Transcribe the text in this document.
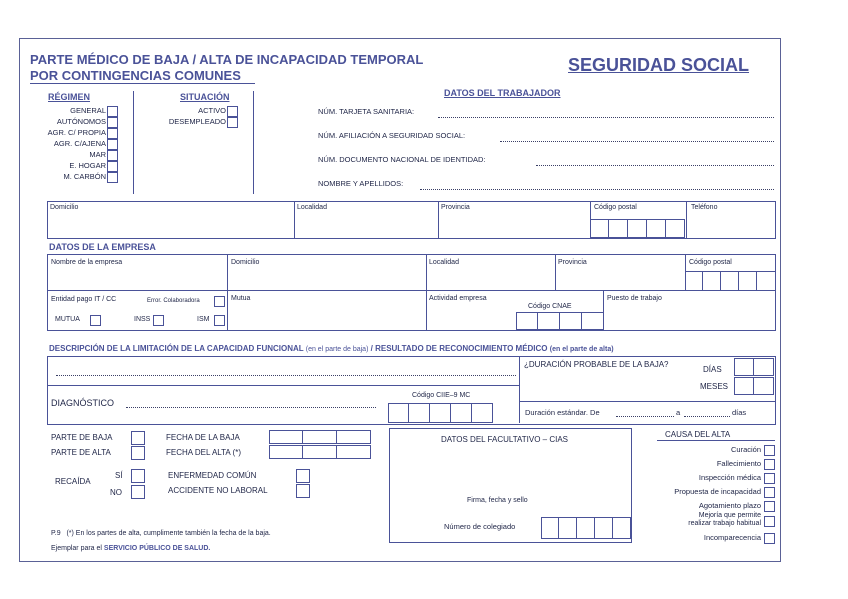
PARTE MÉDICO DE BAJA / ALTA DE INCAPACIDAD TEMPORAL
POR CONTINGENCIAS COMUNES
SEGURIDAD SOCIAL
RÉGIMEN
GENERAL
AUTÓNOMOS
AGR. C/ PROPIA
AGR. C/AJENA
MAR
E. HOGAR
M. CARBÓN
SITUACIÓN
ACTIVO
DESEMPLEADO
DATOS DEL TRABAJADOR
NÚM. TARJETA SANITARIA:
NÚM. AFILIACIÓN A SEGURIDAD SOCIAL:
NÚM. DOCUMENTO NACIONAL DE IDENTIDAD:
NOMBRE Y APELLIDOS:
Domicilio	Localidad	Provincia	Código postal	Teléfono
DATOS DE LA EMPRESA
Nombre de la empresa	Domicilio	Localidad	Provincia	Código postal
Entidad pago IT / CC	Error. Colaboradora
MUTUA	INSS	ISM
Mutua	Actividad empresa
Código CNAE
Puesto de trabajo
DESCRIPCIÓN DE LA LIMITACIÓN DE LA CAPACIDAD FUNCIONAL (en el parte de baja) / RESULTADO DE RECONOCIMIENTO MÉDICO (en el parte de alta)
DIAGNÓSTICO
Código CIIE–9 MC
¿DURACIÓN PROBABLE DE LA BAJA?
DÍAS
MESES
Duración estándar. De	a	días
PARTE DE BAJA
PARTE DE ALTA
FECHA DE LA BAJA
FECHA DEL ALTA (*)
RECAÍDA
SÍ
NO
ENFERMEDAD COMÚN
ACCIDENTE NO LABORAL
DATOS DEL FACULTATIVO – CIAS
Firma, fecha y sello
Número de colegiado
CAUSA DEL ALTA
Curación
Fallecimiento
Inspección médica
Propuesta de incapacidad
Agotamiento plazo
Mejoría que permite
realizar trabajo habitual
Incomparecencia
P.9 (*) En los partes de alta, cumplimente también la fecha de la baja.
Ejemplar para el SERVICIO PÚBLICO DE SALUD.
